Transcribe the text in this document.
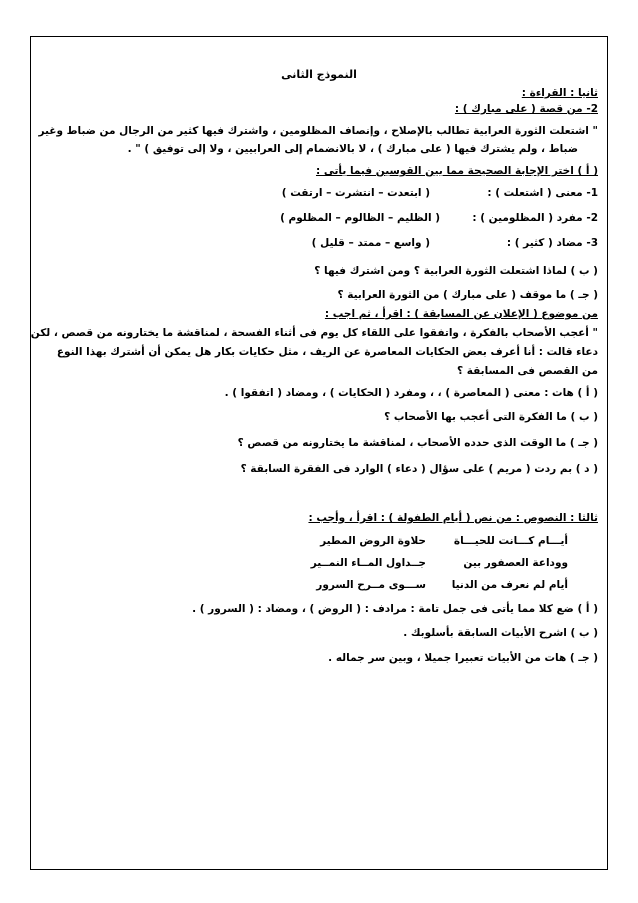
النموذج الثانى
ثانيا : القراءة :
2- من قصة ( على مبارك ) :
" اشتعلت الثورة العرابية تطالب بالإصلاح ، وإنصاف المظلومين ، واشترك فيها كثير من الرجال من ضباط وغير
ضباط ، ولم يشترك فيها ( على مبارك ) ، لا بالانضمام إلى العرابيين ، ولا إلى توفيق ) " .
( أ ) اختر الإجابة الصحيحة مما بين القوسين فيما يأتى :
1- معنى ( اشتعلت ) :
( ابتعدت – انتشرت – ارتقت )
2- مفرد ( المظلومين ) :
( الظليم – الظالوم – المظلوم )
3- مضاد ( كثير ) :
( واسع – ممتد – قليل )
( ب ) لماذا اشتعلت الثورة العرابية ؟ ومن اشترك فيها ؟
( جـ ) ما موقف ( على مبارك ) من الثورة العرابية ؟
من موضوع ( الإعلان عن المسابقة ) : اقرأ ، ثم اجب :
" أعجب الأصحاب بالفكرة ، واتفقوا على اللقاء كل يوم فى أثناء الفسحة ، لمناقشة ما يختارونه من قصص ، لكن
دعاء قالت : أنا أعرف بعض الحكايات المعاصرة عن الريف ، مثل حكايات بكار هل يمكن أن أشترك بهذا النوع
من القصص فى المسابقة ؟
( أ ) هات : معنى ( المعاصرة ) ، ، ومفرد ( الحكايات ) ، ومضاد ( اتفقوا ) .
( ب ) ما الفكرة التى أعجب بها الأصحاب ؟
( جـ ) ما الوقت الذى حدده الأصحاب ، لمناقشة ما يختارونه من قصص ؟
( د ) بم ردت ( مريم ) على سؤال ( دعاء ) الوارد فى الفقرة السابقة ؟
ثالثا : النصوص : من نص ( أيام الطفولة ) : اقرأ ، وأجب :
أيـــام كـــانت للحيـــاة
حلاوة الروض المطير
ووداعة العصفور بين
جــداول المــاء النمــير
أيام لم نعرف من الدنيا
ســـوى مــرح السرور
( أ ) ضع كلا مما يأتى فى جمل تامة : مرادف : ( الروض ) ، ومضاد : ( السرور ) .
( ب ) اشرح الأبيات السابقة بأسلوبك .
( جـ ) هات من الأبيات تعبيرا جميلا ، وبين سر جماله .
